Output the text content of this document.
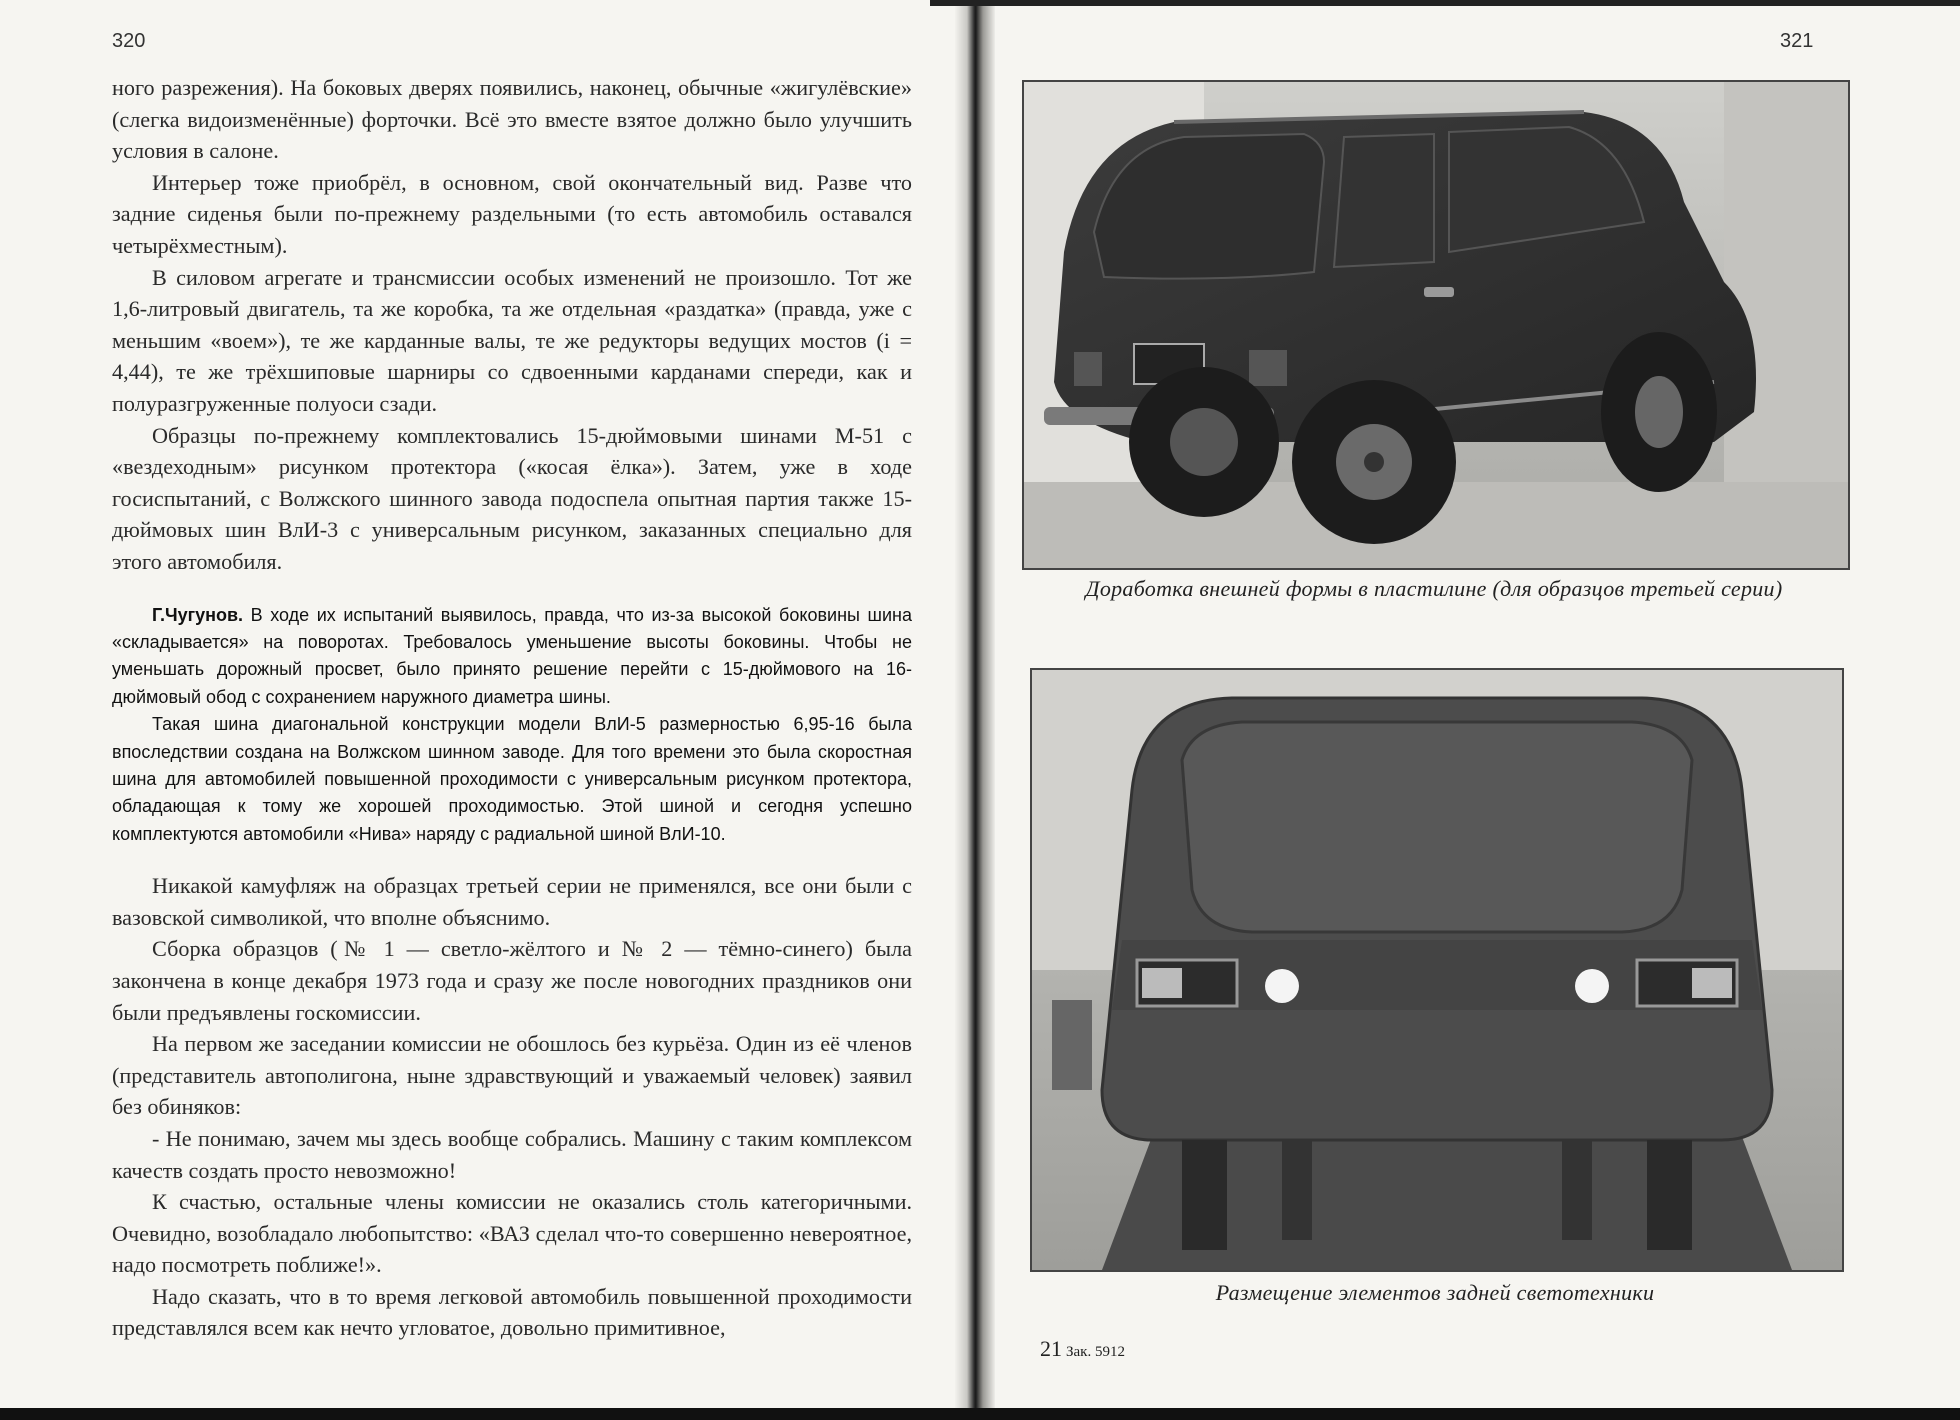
320	321

ного разрежения). На боковых дверях появились, наконец, обычные «жигулёвские» (слегка видоизменённые) форточки. Всё это вместе взятое должно было улучшить условия в салоне.

Интерьер тоже приобрёл, в основном, свой окончательный вид. Разве что задние сиденья были по-прежнему раздельными (то есть автомобиль оставался четырёхместным).

В силовом агрегате и трансмиссии особых изменений не произошло. Тот же 1,6-литровый двигатель, та же коробка, та же отдельная «раздатка» (правда, уже с меньшим «воем»), те же карданные валы, те же редукторы ведущих мостов (i = 4,44), те же трёхшиповые шарниры со сдвоенными карданами спереди, как и полуразгруженные полуоси сзади.

Образцы по-прежнему комплектовались 15-дюймовыми шинами М-51 с «вездеходным» рисунком протектора («косая ёлка»). Затем, уже в ходе госиспытаний, с Волжского шинного завода подоспела опытная партия также 15-дюймовых шин ВлИ-3 с универсальным рисунком, заказанных специально для этого автомобиля.

Г.Чугунов. В ходе их испытаний выявилось, правда, что из-за высокой боковины шина «складывается» на поворотах. Требовалось уменьшение высоты боковины. Чтобы не уменьшать дорожный просвет, было принято решение перейти с 15-дюймового на 16-дюймовый обод с сохранением наружного диаметра шины.

Такая шина диагональной конструкции модели ВлИ-5 размерностью 6,95-16 была впоследствии создана на Волжском шинном заводе. Для того времени это была скоростная шина для автомобилей повышенной проходимости с универсальным рисунком протектора, обладающая к тому же хорошей проходимостью. Этой шиной и сегодня успешно комплектуются автомобили «Нива» наряду с радиальной шиной ВлИ-10.

Никакой камуфляж на образцах третьей серии не применялся, все они были с вазовской символикой, что вполне объяснимо.

Сборка образцов (№ 1 — светло-жёлтого и № 2 — тёмно-синего) была закончена в конце декабря 1973 года и сразу же после новогодних праздников они были предъявлены госкомиссии.

На первом же заседании комиссии не обошлось без курьёза. Один из её членов (представитель автополигона, ныне здравствующий и уважаемый человек) заявил без обиняков:

- Не понимаю, зачем мы здесь вообще собрались. Машину с таким комплексом качеств создать просто невозможно!

К счастью, остальные члены комиссии не оказались столь категоричными. Очевидно, возобладало любопытство: «ВАЗ сделал что-то совершенно невероятное, надо посмотреть поближе!».

Надо сказать, что в то время легковой автомобиль повышенной проходимости представлялся всем как нечто угловатое, довольно примитивное,

Доработка внешней формы в пластилине (для образцов третьей серии)
Размещение элементов задней светотехники
21 Зак. 5912
